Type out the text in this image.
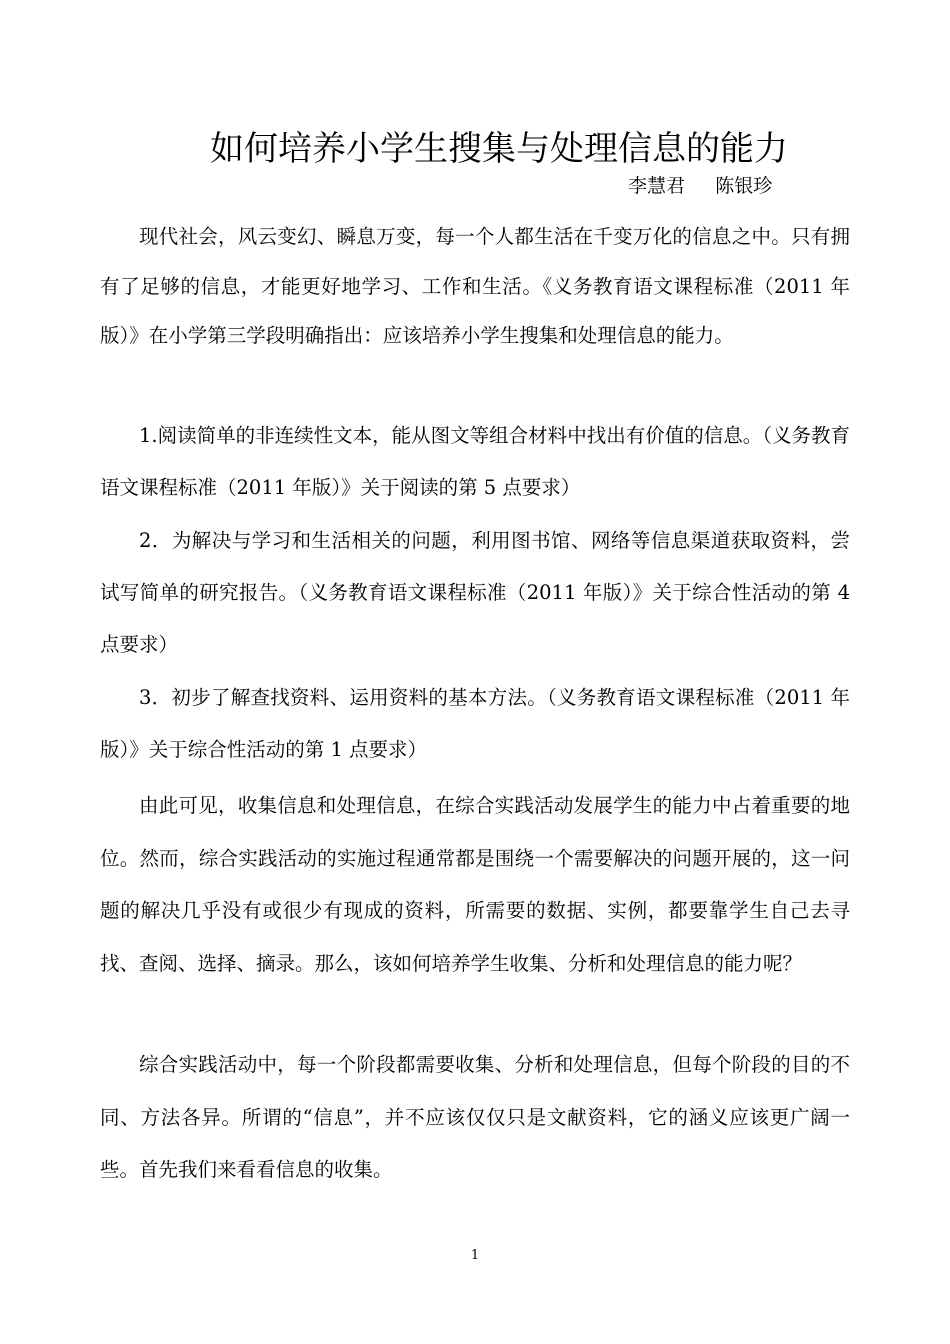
如何培养小学生搜集与处理信息的能力
李慧君     陈银珍

现代社会，风云变幻、瞬息万变，每一个人都生活在千变万化的信息之中。只有拥有了足够的信息，才能更好地学习、工作和生活。《义务教育语文课程标准（2011 年版）》在小学第三学段明确指出：应该培养小学生搜集和处理信息的能力。

1.阅读简单的非连续性文本，能从图文等组合材料中找出有价值的信息。（义务教育语文课程标准（2011 年版）》关于阅读的第 5 点要求）

2．为解决与学习和生活相关的问题，利用图书馆、网络等信息渠道获取资料，尝试写简单的研究报告。（义务教育语文课程标准（2011 年版）》关于综合性活动的第 4 点要求）

3．初步了解查找资料、运用资料的基本方法。（义务教育语文课程标准（2011 年版）》关于综合性活动的第 1 点要求）

由此可见，收集信息和处理信息，在综合实践活动发展学生的能力中占着重要的地位。然而，综合实践活动的实施过程通常都是围绕一个需要解决的问题开展的，这一问题的解决几乎没有或很少有现成的资料，所需要的数据、实例，都要靠学生自己去寻找、查阅、选择、摘录。那么，该如何培养学生收集、分析和处理信息的能力呢？

综合实践活动中，每一个阶段都需要收集、分析和处理信息，但每个阶段的目的不同、方法各异。所谓的“信息”，并不应该仅仅只是文献资料，它的涵义应该更广阔一些。首先我们来看看信息的收集。

1
